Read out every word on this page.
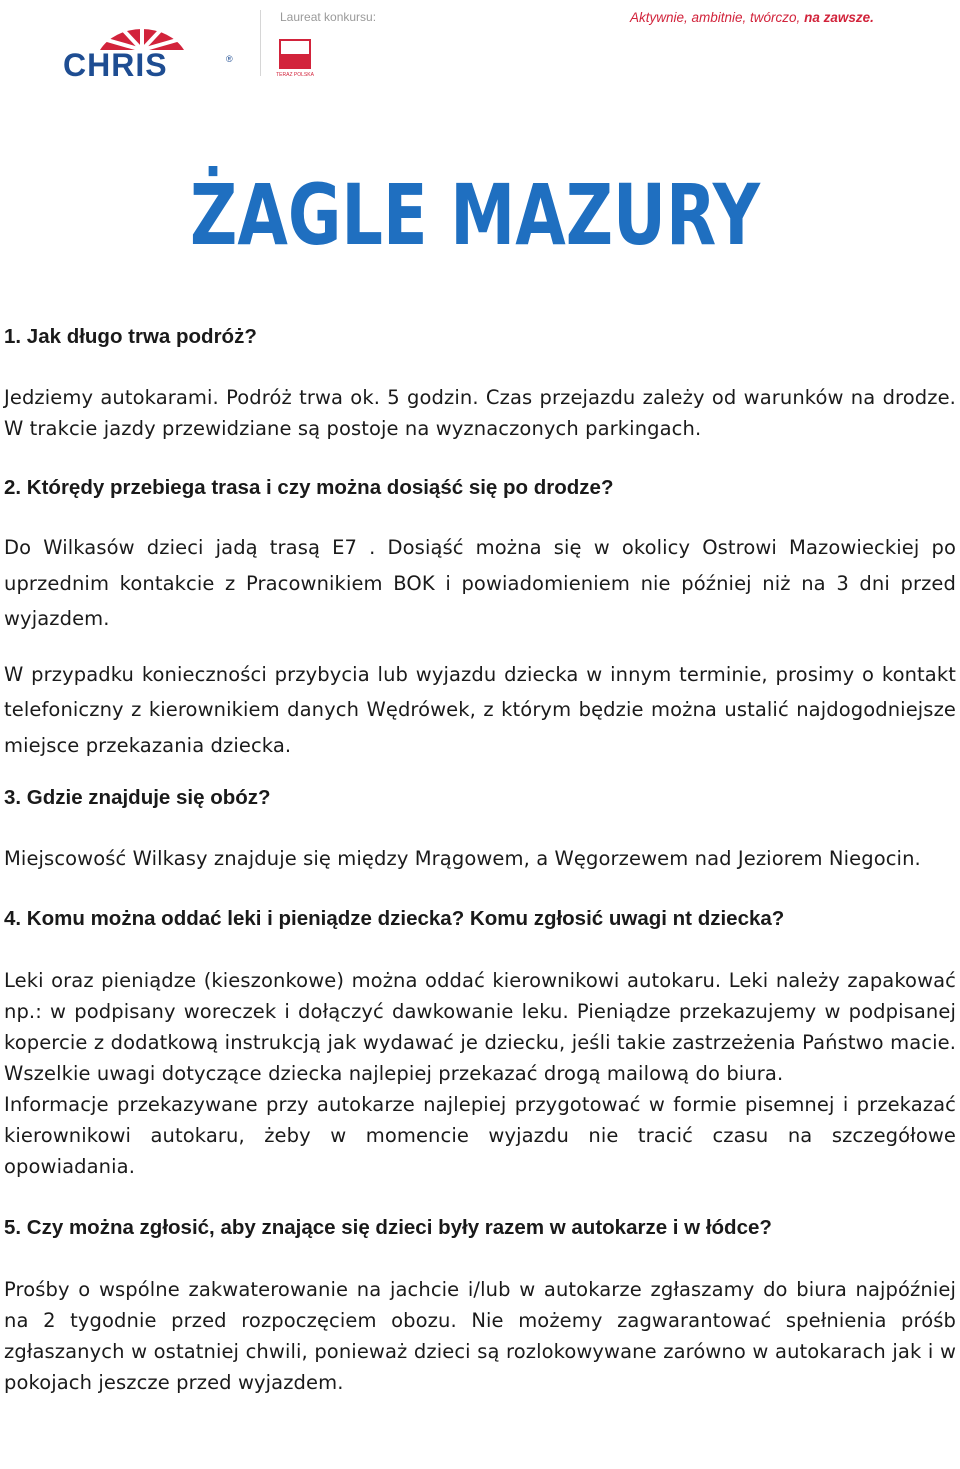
CHRIS	®
Laureat konkursu:
TERAZ POLSKA
Aktywnie, ambitnie, twórczo, na zawsze.
ŻAGLE MAZURY
1. Jak długo trwa podróż?

Jedziemy autokarami. Podróż trwa ok. 5 godzin. Czas przejazdu zależy od warunków na drodze. W trakcie jazdy przewidziane są postoje na wyznaczonych parkingach.

2. Którędy przebiega trasa i czy można dosiąść się po drodze?

Do Wilkasów dzieci jadą trasą E7 . Dosiąść można się w okolicy Ostrowi Mazowieckiej po uprzednim kontakcie z Pracownikiem BOK i powiadomieniem nie później niż na 3 dni przed wyjazdem.

W przypadku konieczności przybycia lub wyjazdu dziecka w innym terminie, prosimy o kontakt telefoniczny z kierownikiem danych Wędrówek, z którym będzie można ustalić najdogodniejsze miejsce przekazania dziecka.

3. Gdzie znajduje się obóz?

Miejscowość Wilkasy znajduje się między Mrągowem, a Węgorzewem nad Jeziorem Niegocin.

4. Komu można oddać leki i pieniądze dziecka? Komu zgłosić uwagi nt dziecka?

Leki oraz pieniądze (kieszonkowe) można oddać kierownikowi autokaru. Leki należy zapakować np.: w podpisany woreczek i dołączyć dawkowanie leku. Pieniądze przekazujemy w podpisanej kopercie z dodatkową instrukcją jak wydawać je dziecku, jeśli takie zastrzeżenia Państwo macie. Wszelkie uwagi dotyczące dziecka najlepiej przekazać drogą mailową do biura.

Informacje przekazywane przy autokarze najlepiej przygotować w formie pisemnej i przekazać kierownikowi autokaru, żeby w momencie wyjazdu nie tracić czasu na szczegółowe opowiadania.

5. Czy można zgłosić, aby znające się dzieci były razem w autokarze i w łódce?

Prośby o wspólne zakwaterowanie na jachcie i/lub w autokarze zgłaszamy do biura najpóźniej na 2 tygodnie przed rozpoczęciem obozu. Nie możemy zagwarantować spełnienia próśb zgłaszanych w ostatniej chwili, ponieważ dzieci są rozlokowywane zarówno w autokarach jak i w pokojach jeszcze przed wyjazdem.
